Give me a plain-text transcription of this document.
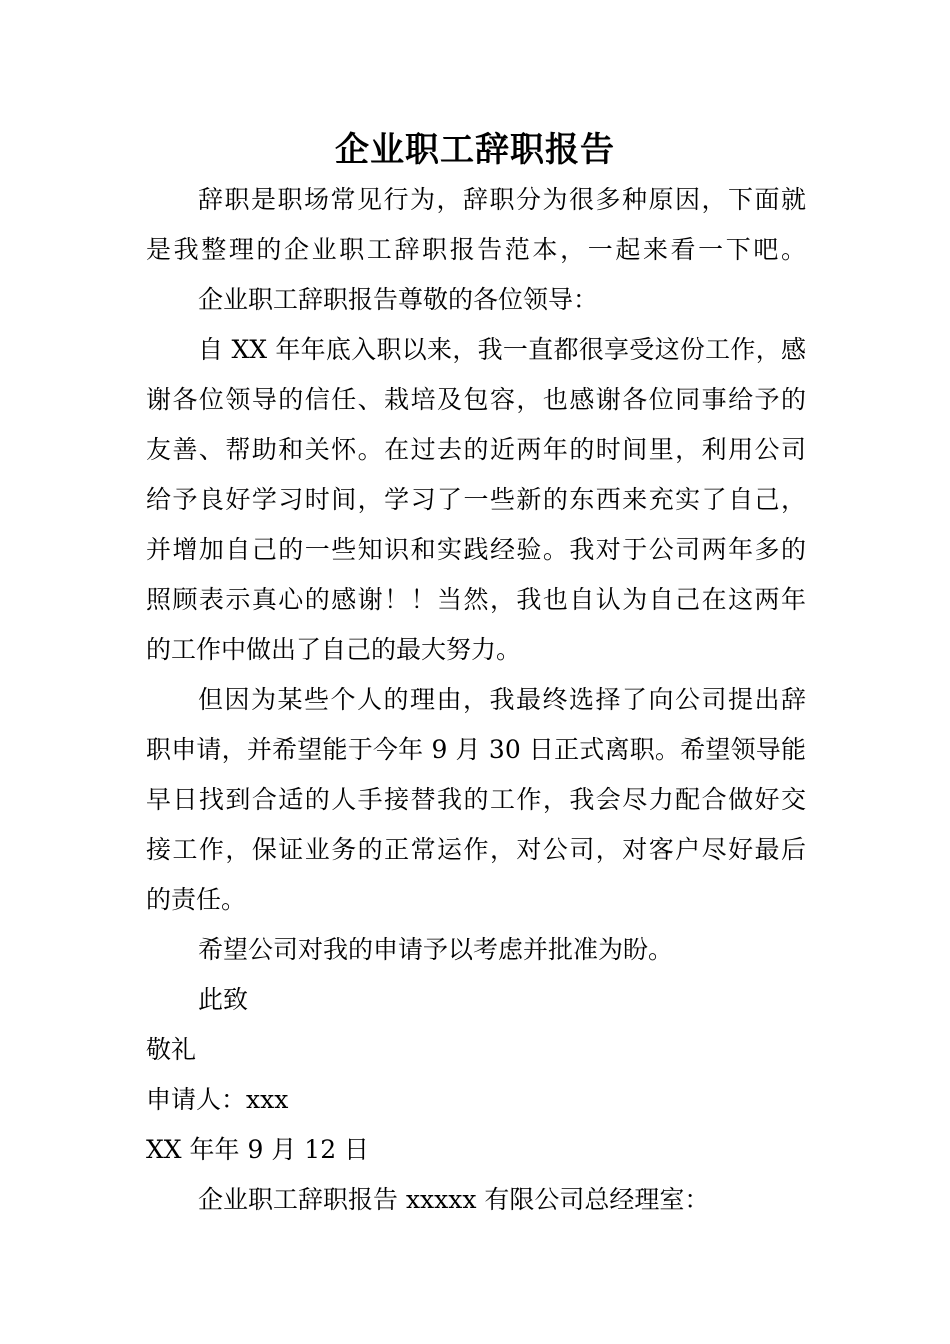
企业职工辞职报告
辞职是职场常见行为，辞职分为很多种原因，下面就
是我整理的企业职工辞职报告范本，一起来看一下吧。
企业职工辞职报告尊敬的各位领导：
自 XX 年年底入职以来，我一直都很享受这份工作，感
谢各位领导的信任、栽培及包容，也感谢各位同事给予的
友善、帮助和关怀。在过去的近两年的时间里，利用公司
给予良好学习时间，学习了一些新的东西来充实了自己，
并增加自己的一些知识和实践经验。我对于公司两年多的
照顾表示真心的感谢！！当然，我也自认为自己在这两年
的工作中做出了自己的最大努力。
但因为某些个人的理由，我最终选择了向公司提出辞
职申请，并希望能于今年 9 月 30 日正式离职。希望领导能
早日找到合适的人手接替我的工作，我会尽力配合做好交
接工作，保证业务的正常运作，对公司，对客户尽好最后
的责任。
希望公司对我的申请予以考虑并批准为盼。
此致
敬礼
申请人：xxx
XX 年年 9 月 12 日
企业职工辞职报告 xxxxx 有限公司总经理室：
